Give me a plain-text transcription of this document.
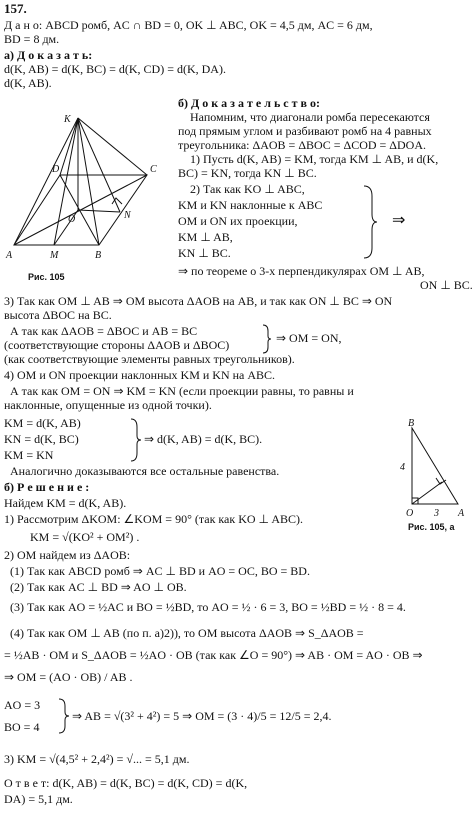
157.
Д а н о: ABCD ромб, AC ∩ BD = 0, OK ⊥ ABC, OK = 4,5 дм, AC = 6 дм,
BD = 8 дм.
а) Д о к а з а т ь:
d(K, AB) = d(K, BC) = d(K, CD) = d(K, DA).
d(K, AB).
K
D	C
N
O
A	M	B
Рис. 105
б) Д о к а з а т е л ь с т в о:
Напомним, что диагонали ромба пересекаются
под прямым углом и разбивают ромб на 4 равных
треугольника: ΔAOB = ΔBOC = ΔCOD = ΔDOA.
1) Пусть d(K, AB) = KM, тогда KM ⊥ AB, и d(K,
BC) = KN, тогда KN ⊥ BC.
2) Так как KO ⊥ ABC,
KM и KN наклонные к ABC
OM и ON их проекции,
KM ⊥ AB,
KN ⊥ BC.
⇒
⇒ по теореме о 3-х перпендикулярах OM ⊥ AB,
ON ⊥ BC.
3) Так как OM ⊥ AB ⇒ OM высота ΔAOB на AB, и так как ON ⊥ BC ⇒ ON
высота ΔBOC на BC.
А так как ΔAOB = ΔBOC и AB = BC
(соответствующие стороны ΔAOB и ΔBOC)	⇒ OM = ON,
(как соответствующие элементы равных треугольников).
4) OM и ON проекции наклонных KM и KN на ABC.
А так как OM = ON ⇒ KM = KN (если проекции равны, то равны и
наклонные, опущенные из одной точки).
KM = d(K, AB)
KN = d(K, BC)
KM = KN
⇒ d(K, AB) = d(K, BC).
Аналогично доказываются все остальные равенства.
B
4
O 3 A
Рис. 105, а
б) Р е ш е н и е :
Найдем KM = d(K, AB).
1) Рассмотрим ΔKOM: ∠KOM = 90° (так как KO ⊥ ABC).
KM = √(KO² + OM²) .
2) OM найдем из ΔAOB:
(1) Так как ABCD ромб ⇒ AC ⊥ BD и AO = OC, BO = BD.
(2) Так как AC ⊥ BD ⇒ AO ⊥ OB.
(3) Так как AO = ½AC и BO = ½BD, то AO = ½ · 6 = 3, BO = ½BD = ½ · 8 = 4.
(4) Так как OM ⊥ AB (по п. а)2)), то OM высота ΔAOB ⇒ S_ΔAOB =
= ½AB · OM и S_ΔAOB = ½AO · OB (так как ∠O = 90°) ⇒ AB · OM = AO · OB ⇒
⇒ OM = (AO · OB) / AB .
AO = 3
BO = 4
⇒ AB = √(3² + 4²) = 5 ⇒ OM = (3 · 4)/5 = 12/5 = 2,4.
3) KM = √(4,5² + 2,4²) = √... = 5,1 дм.
О т в е т: d(K, AB) = d(K, BC) = d(K, CD) = d(K,
DA) = 5,1 дм.
